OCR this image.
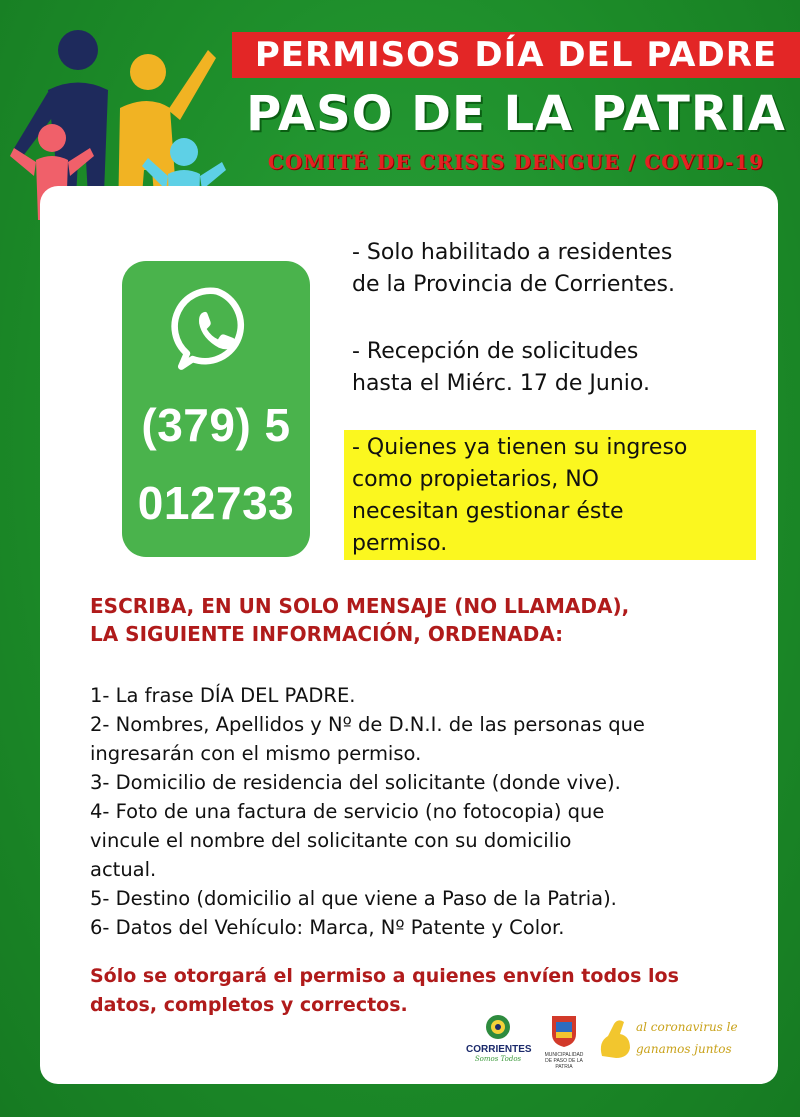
PERMISOS DÍA DEL PADRE
PASO DE LA PATRIA
COMITÉ DE CRISIS DENGUE / COVID-19
(379) 5
012733
- Solo habilitado a residentes
de la Provincia de Corrientes.
- Recepción de solicitudes
hasta el Miérc. 17 de Junio.
- Quienes ya tienen su ingreso
como propietarios, NO
necesitan gestionar éste
permiso.
ESCRIBA, EN UN SOLO MENSAJE (NO LLAMADA),
LA SIGUIENTE INFORMACIÓN, ORDENADA:
1- La frase DÍA DEL PADRE.
2- Nombres, Apellidos y Nº de D.N.I. de las personas que
ingresarán con el mismo permiso.
3- Domicilio de residencia del solicitante (donde vive).
4- Foto de una factura de servicio (no fotocopia) que
vincule el nombre del solicitante con su domicilio
actual.
5- Destino (domicilio al que viene a Paso de la Patria).
6- Datos del Vehículo: Marca, Nº Patente y Color.
Sólo se otorgará el permiso a quienes envíen todos los
datos, completos y correctos.
CORRIENTES
Somos Todos	MUNICIPALIDAD DE PASO DE LA PATRIA
al coronavirus le
ganamos juntos
